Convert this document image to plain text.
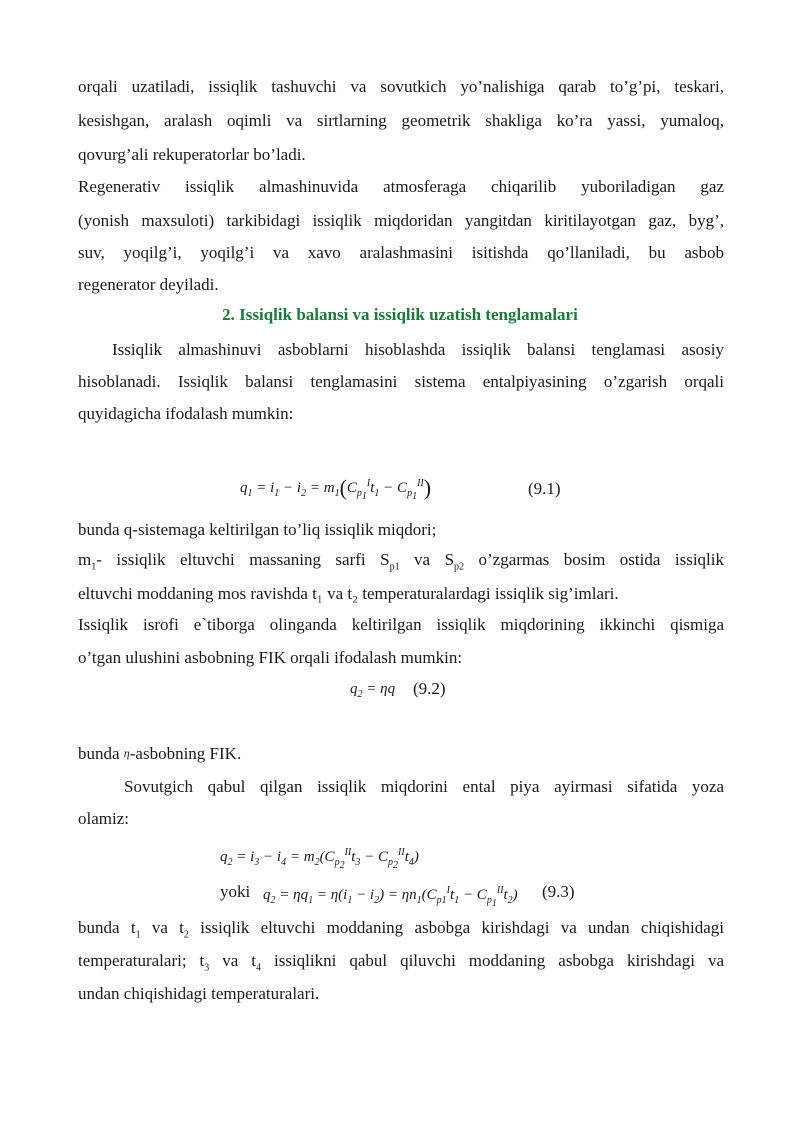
orqali uzatiladi, issiqlik tashuvchi va sovutkich yo’nalishiga qarab to’g’pi, teskari,
kesishgan, aralash oqimli va sirtlarning geometrik shakliga ko’ra yassi, yumaloq,
qovurg’ali rekuperatorlar bo’ladi.
Regenerativ issiqlik almashinuvida atmosferaga chiqarilib yuboriladigan gaz
(yonish maxsuloti) tarkibidagi issiqlik miqdoridan yangitdan kiritilayotgan gaz, byg’,
suv, yoqilg’i, yoqilg’i va xavo aralashmasini isitishda qo’llaniladi, bu asbob
regenerator deyiladi.
2. Issiqlik balansi va issiqlik uzatish tenglamalari
Issiqlik almashinuvi asboblarni hisoblashda issiqlik balansi tenglamasi asosiy
hisoblanadi. Issiqlik balansi tenglamasini sistema entalpiyasining o’zgarish orqali
quyidagicha ifodalash mumkin:
$q_1 = i_1 - i_2 = m_1(C_{p_1}^It_1 - C_{p_1}^{II})$	(9.1)
bunda q-sistemaga keltirilgan to’liq issiqlik miqdori;
$m_1-$ issiqlik eltuvchi massaning sarfi $S_{p1}$ va $S_{p2}$ o’zgarmas bosim ostida issiqlik
eltuvchi moddaning mos ravishda t₁ va t₂ temperaturalardagi issiqlik sig’imlari.
Issiqlik isrofi e`tiborga olinganda keltirilgan issiqlik miqdorining ikkinchi qismiga
o’tgan ulushini asbobning FIK orqali ifodalash mumkin:
$q_2 = \eta q$ (9.2)
bunda η-asbobning FIK.
Sovutgich qabul qilgan issiqlik miqdorini ental piya ayirmasi sifatida yoza
olamiz:
$q_2 = i_3 - i_4 = m_2(C_{p_2}^{II}t_3 - C_{p_2}^{II}t_4)$
yoki $q_2 = \eta q_1 = \eta(i_1 - i_2) = \eta n_1(C_{p1}^It_1 - C_{p_1}^{II}t_2)$ (9.3)
bunda $t_1$ va $t_2$ issiqlik eltuvchi moddaning asbobga kirishdagi va undan chiqishidagi
temperaturalari; $t_3$ va $t_4$ issiqlikni qabul qiluvchi moddaning asbobga kirishdagi va
undan chiqishidagi temperaturalari.
